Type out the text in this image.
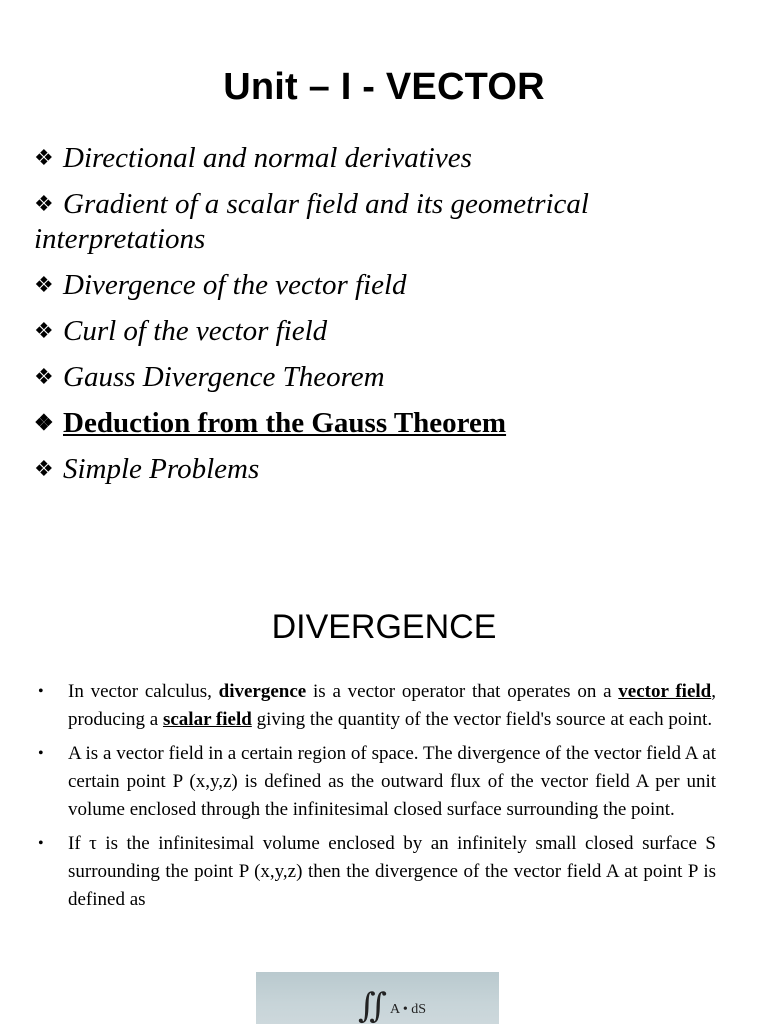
Unit – I - VECTOR
❖ Directional and normal derivatives
❖ Gradient of a scalar field and its geometrical interpretations
❖ Divergence of the vector field
❖ Curl of the vector field
❖ Gauss Divergence Theorem
❖ Deduction from the Gauss Theorem
❖ Simple Problems
DIVERGENCE
• In vector calculus, divergence is a vector operator that operates on a vector field, producing a scalar field giving the quantity of the vector field's source at each point.
• A is a vector field in a certain region of space. The divergence of the vector field A at certain point P (x,y,z) is defined as the outward flux of the vector field A per unit volume enclosed through the infinitesimal closed surface surrounding the point.
• If τ is the infinitesimal volume enclosed by an infinitely small closed surface S surrounding the point P (x,y,z) then the divergence of the vector field A at point P is defined as
∬ A • dS
